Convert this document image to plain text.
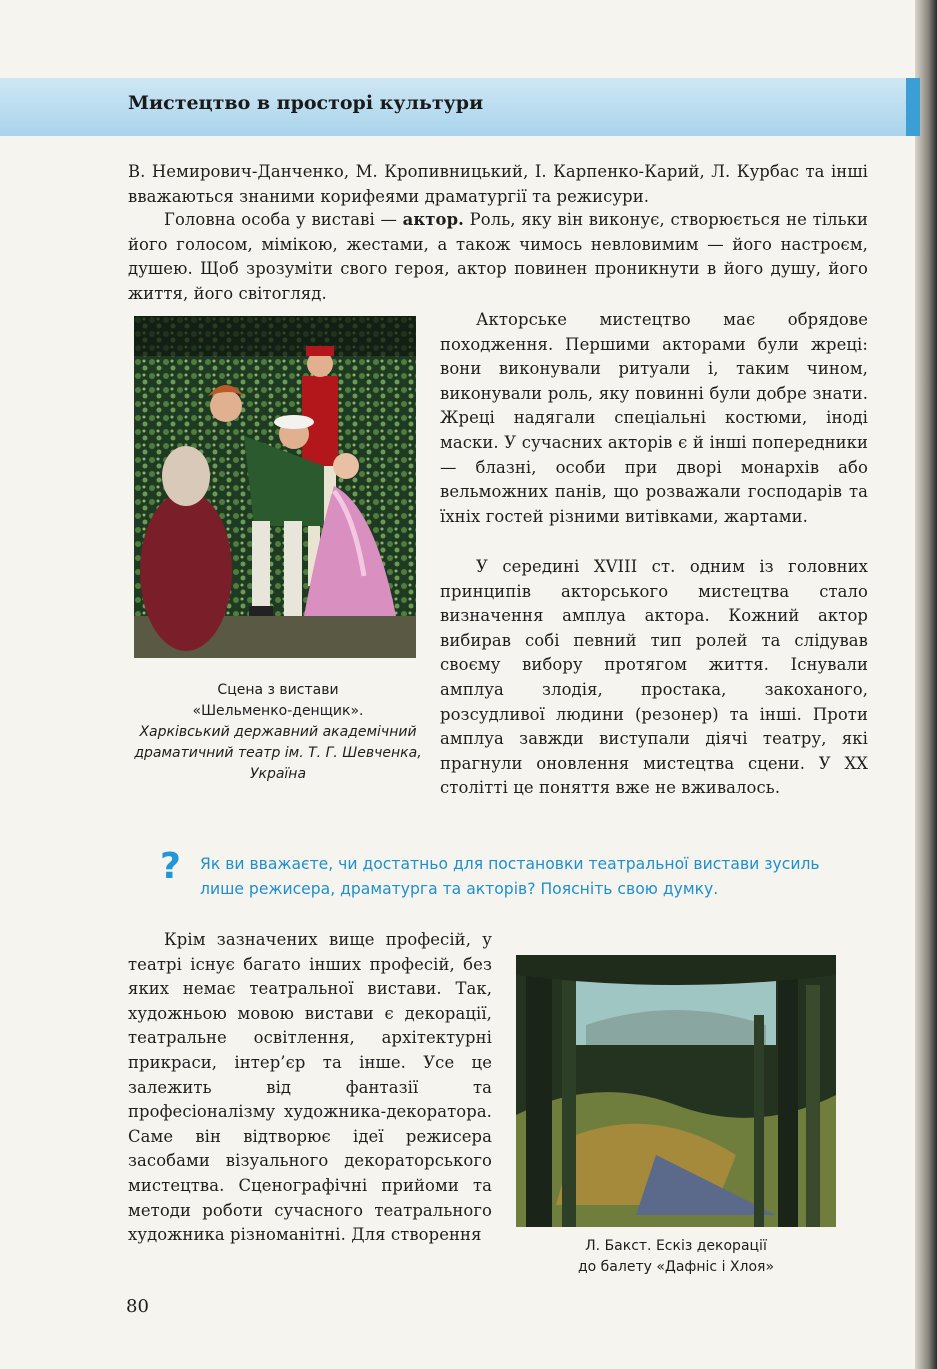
Мистецтво в просторі культури

В. Немирович-Данченко, М. Кропивницький, І. Карпенко-Карий, Л. Курбас та інші вважаються знаними корифеями драматургії та режисури.

Головна особа у виставі — актор. Роль, яку він виконує, створюється не тільки його голосом, мімікою, жестами, а також чимось невловимим — його настроєм, душею. Щоб зрозуміти свого героя, актор повинен проникнути в його душу, його життя, його світогляд.

Сцена з вистави
«Шельменко-денщик».
Харківський державний академічний драматичний театр ім. Т. Г. Шевченка, Україна

Акторське мистецтво має обрядове походження. Першими акторами були жреці: вони виконували ритуали і, таким чином, виконували роль, яку повинні були добре знати. Жреці надягали спеціальні костюми, іноді маски. У сучасних акторів є й інші попередники — блазні, особи при дворі монархів або вельможних панів, що розважали господарів та їхніх гостей різними витівками, жартами.

У середині XVIII ст. одним із головних принципів акторського мистецтва стало визначення амплуа актора. Кожний актор вибирав собі певний тип ролей та слідував своєму вибору протягом життя. Існували амплуа злодія, простака, закоханого, розсудливої людини (резонер) та інші. Проти амплуа завжди виступали діячі театру, які прагнули оновлення мистецтва сцени. У XX столітті це поняття вже не вживалось.

? Як ви вважаєте, чи достатньо для постановки театральної вистави зусиль лише режисера, драматурга та акторів? Поясніть свою думку.

Крім зазначених вище професій, у театрі існує багато інших професій, без яких немає театральної вистави. Так, художньою мовою вистави є декорації, театральне освітлення, архітектурні прикраси, інтер’єр та інше. Усе це залежить від фантазії та професіоналізму художника-декоратора. Саме він відтворює ідеї режисера засобами візуального декораторського мистецтва. Сценографічні прийоми та методи роботи сучасного театрального художника різноманітні. Для створення

Л. Бакст. Ескіз декорації
до балету «Дафніс і Хлоя»
80
